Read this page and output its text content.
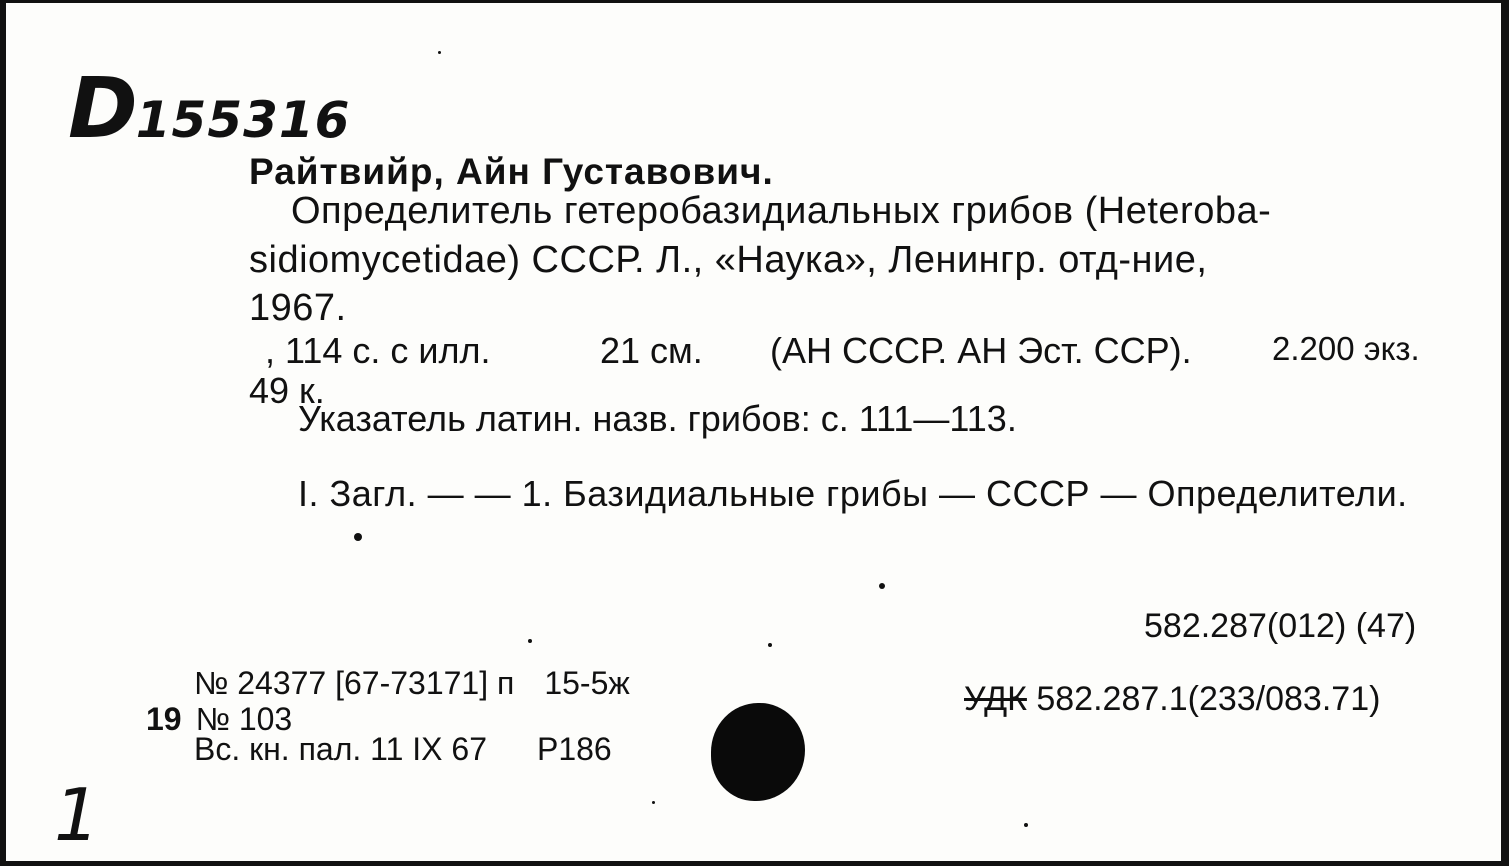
D155316
Райтвийр, Айн Густавович.
Определитель гетеробазидиальных грибов (Heterobа-
sidiomycetidae) СССР. Л., «Наука», Ленингр. отд-ние,
1967.
, 114 с. с илл.	21 см. (АН СССР. АН Эст. ССР). 2.200 экз.
49 к.
Указатель латин. назв. грибов: с. 111—113.
I. Загл. — — 1. Базидиальные грибы — СССР — Определители.
582.287(012) (47)
УДК 582.287.1(233/083.71)
№ 24377 [67-73171] п 15-5ж
19 № 103
Вс. кн. пал. 11 IX 67 Р186
1
